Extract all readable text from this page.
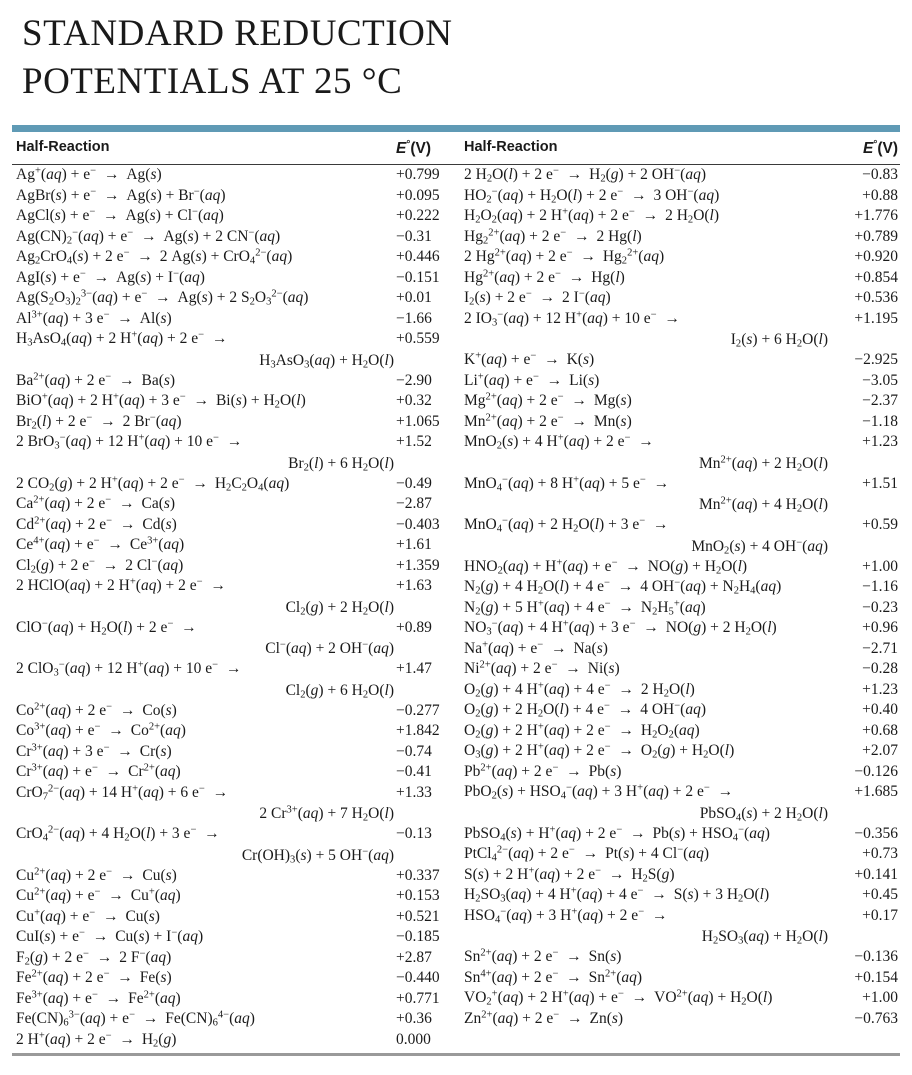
STANDARD REDUCTION
POTENTIALS AT 25 °C
Half-Reaction	E°(V)	Half-Reaction	E°(V)
Ag+(aq) + e− → Ag(s)	+0.799
AgBr(s) + e− → Ag(s) + Br−(aq)	+0.095
AgCl(s) + e− → Ag(s) + Cl−(aq)	+0.222
$Ag(CN)_2^-(aq) + e^- \to Ag(s) + 2$ CN−(aq)	−0.31
$Ag_2CrO_4(s) + 2$ e− → 2 Ag(s) + CrO$_4^{2-}$(aq)	+0.446
AgI(s) + e− → Ag(s) + I−(aq)	−0.151
$Ag(S_2O_3)_2^{3-}(aq) + e^- \to Ag(s) + 2$ $S_2O_3^{2-}(aq)$	+0.01
$Al^{3+}(aq) + 3$ e− → Al(s)	−1.66
$H_3AsO_4(aq) + 2$ H+(aq) + 2 e− →	+0.559
$H_3AsO_3(aq) + H_2O(l)$
$Ba^{2+}(aq) + 2$ e− → Ba(s)	−2.90
BiO+(aq) + 2 H+(aq) + 3 $e^- \to Bi(s) + H_2O(l)$	+0.32
$Br_2(l) + 2$ e− → 2 Br−(aq)	+1.065
2 BrO$_3$−(aq) + 12 H+(aq) + 10 e− →	+1.52
$Br_2(l) + 6$ $H_2O(l)$
2 $CO_2(g) + 2$ H+(aq) + 2 $e^- \to H_2C_2O_4(aq)$	−0.49
$Ca^{2+}(aq) + 2$ e− → Ca(s)	−2.87
$Cd^{2+}(aq) + 2$ e− → Cd(s)	−0.403
$Ce^{4+}(aq) + e^- \to Ce^{3+}(aq)$	+1.61
$Cl_2(g) + 2$ e− → 2 Cl−(aq)	+1.359
2 HClO(aq) + 2 H+(aq) + 2 e− →	+1.63
$Cl_2(g) + 2$ $H_2O(l)$
$ClO^-(aq) + H_2O(l) + 2$ e− →	+0.89
Cl−(aq) + 2 OH−(aq)
2 ClO$_3$−(aq) + 12 H+(aq) + 10 e− →	+1.47
$Cl_2(g) + 6$ $H_2O(l)$
$Co^{2+}(aq) + 2$ e− → Co(s)	−0.277
$Co^{3+}(aq) + e^- \to Co^{2+}(aq)$	+1.842
$Cr^{3+}(aq) + 3$ e− → Cr(s)	−0.74
$Cr^{3+}(aq) + e^- \to Cr^{2+}(aq)$	−0.41
CrO$_7^{2-}$(aq) + 14 H+(aq) + 6 e− →	+1.33
2 $Cr^{3+}(aq) + 7$ $H_2O(l)$
CrO$_4^{2-}$(aq) + 4 $H_2O(l) + 3$ e− →	−0.13
$Cr(OH)_3(s) + 5$ OH−(aq)
$Cu^{2+}(aq) + 2$ e− → Cu(s)	+0.337
$Cu^{2+}(aq) + e^- \to Cu^+(aq)$	+0.153
Cu+(aq) + e− → Cu(s)	+0.521
CuI(s) + e− → Cu(s) + I−(aq)	−0.185
$F_2(g) + 2$ e− → 2 F−(aq)	+2.87
$Fe^{2+}(aq) + 2$ e− → Fe(s)	−0.440
$Fe^{3+}(aq) + e^- \to Fe^{2+}(aq)$	+0.771
$Fe(CN)_6^{3-}(aq) + e^- \to Fe(CN)_6^{4-}(aq)$	+0.36
2 H+(aq) + 2 $e^- \to H_2(g)$	0.000
2 $H_2O(l) + 2$ $e^- \to H_2(g) + 2$ OH−(aq)	−0.83
$HO_2^-(aq) + H_2O(l) + 2$ e− → 3 OH−(aq)	+0.88
$H_2O_2(aq) + 2$ H+(aq) + 2 e− → 2 $H_2O(l)$	+1.776
$Hg_2^{2+}(aq) + 2$ e− → 2 Hg(l)	+0.789
2 $Hg^{2+}(aq) + 2$ $e^- \to Hg_2^{2+}(aq)$	+0.920
$Hg^{2+}(aq) + 2$ e− → Hg(l)	+0.854
$I_2(s) + 2$ e− → 2 I−(aq)	+0.536
2 $IO_3^-(aq) + 12$ H+(aq) + 10 e− →	+1.195
$I_2(s) + 6$ $H_2O(l)$
K+(aq) + e− → K(s)	−2.925
Li+(aq) + e− → Li(s)	−3.05
$Mg^{2+}(aq) + 2$ e− → Mg(s)	−2.37
$Mn^{2+}(aq) + 2$ e− → Mn(s)	−1.18
MnO$_2$(s) + 4 H+(aq) + 2 e− →	+1.23
$Mn^{2+}(aq) + 2$ $H_2O(l)$
MnO$_4$−(aq) + 8 H+(aq) + 5 e− →	+1.51
$Mn^{2+}(aq) + 4$ $H_2O(l)$
MnO$_4$−(aq) + 2 $H_2O(l) + 3$ e− →	+0.59
MnO$_2$(s) + 4 OH−(aq)
$HNO_2(aq) + H^+(aq) + e^- \to NO(g) + H_2O(l)$	+1.00
$N_2(g) + 4$ $H_2O(l) + 4$ e− → 4 $OH^-(aq) + N_2H_4(aq)$	−1.16
$N_2(g) + 5$ H+(aq) + 4 $e^- \to N_2H_5^+(aq)$	−0.23
$NO_3^-(aq) + 4$ H+(aq) + 3 e− → NO(g) + 2 $H_2O(l)$	+0.96
Na+(aq) + e− → Na(s)	−2.71
$Ni^{2+}(aq) + 2$ e− → Ni(s)	−0.28
$O_2(g) + 4$ H+(aq) + 4 e− → 2 $H_2O(l)$	+1.23
$O_2(g) + 2$ $H_2O(l) + 4$ e− → 4 OH−(aq)	+0.40
$O_2(g) + 2$ H+(aq) + 2 $e^- \to H_2O_2(aq)$	+0.68
$O_3(g) + 2$ H+(aq) + 2 $e^- \to O_2(g) + H_2O(l)$	+2.07
$Pb^{2+}(aq) + 2$ e− → Pb(s)	−0.126
$PbO_2(s) + HSO_4^-(aq) + 3$ H+(aq) + 2 e− →	+1.685
PbSO$_4$(s) + 2 $H_2O(l)$
PbSO$_4$(s) + H+(aq) + 2 $e^- \to Pb(s) + HSO_4^-(aq)$	−0.356
PtCl$_4^{2-}$(aq) + 2 e− → Pt(s) + 4 Cl−(aq)	+0.73
S(s) + 2 H+(aq) + 2 $e^- \to H_2S(g)$	+0.141
$H_2SO_3(aq) + 4$ H+(aq) + 4 e− → S(s) + 3 $H_2O(l)$	+0.45
$HSO_4^-(aq) + 3$ H+(aq) + 2 e− →	+0.17
$H_2SO_3(aq) + H_2O(l)$
$Sn^{2+}(aq) + 2$ e− → Sn(s)	−0.136
$Sn^{4+}(aq) + 2$ $e^- \to Sn^{2+}(aq)$	+0.154
$VO_2^+(aq) + 2$ $H^+(aq) + e^- \to VO^{2+}(aq) + H_2O(l)$	+1.00
$Zn^{2+}(aq) + 2$ e− → Zn(s)	−0.763
